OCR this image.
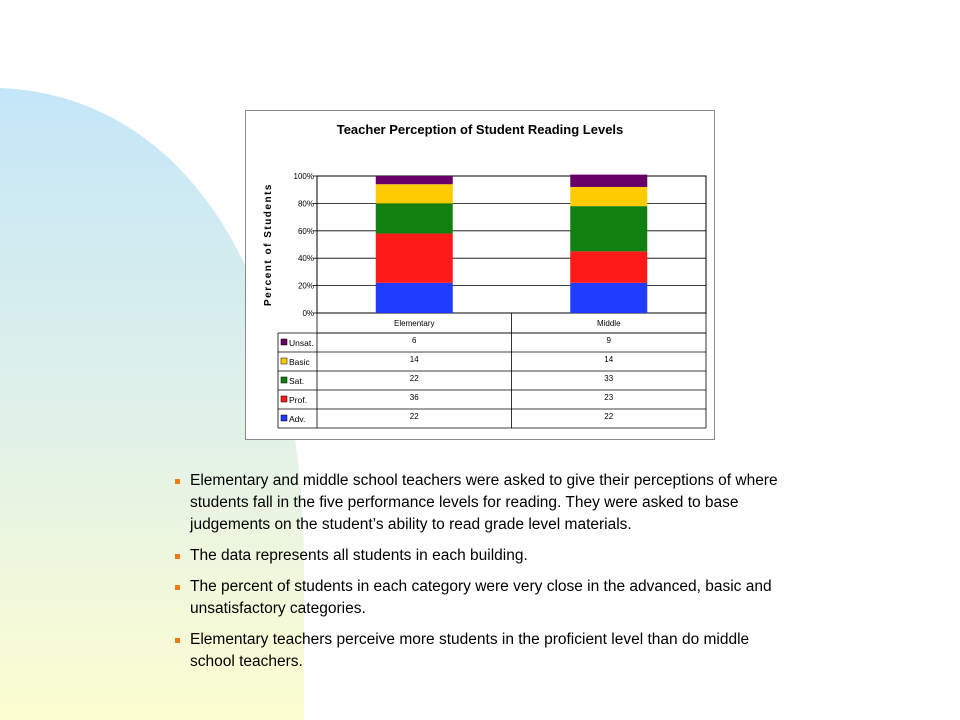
Teacher Perception of Student Reading Levels
0%
20%
40%
60%
80%
100%
Percent of Students
Elementary	Middle
Unsat.	6	9
Basic	14	14
Sat.	22	33
Prof.	36	23
Adv.	22	22
Elementary and middle school teachers were asked to give their perceptions of where students fall in the five performance levels for reading. They were asked to base judgements on the student’s ability to read grade level materials.
The data represents all students in each building.
The percent of students in each category were very close in the advanced, basic and unsatisfactory categories.
Elementary teachers perceive more students in the proficient level than do middle school teachers.
